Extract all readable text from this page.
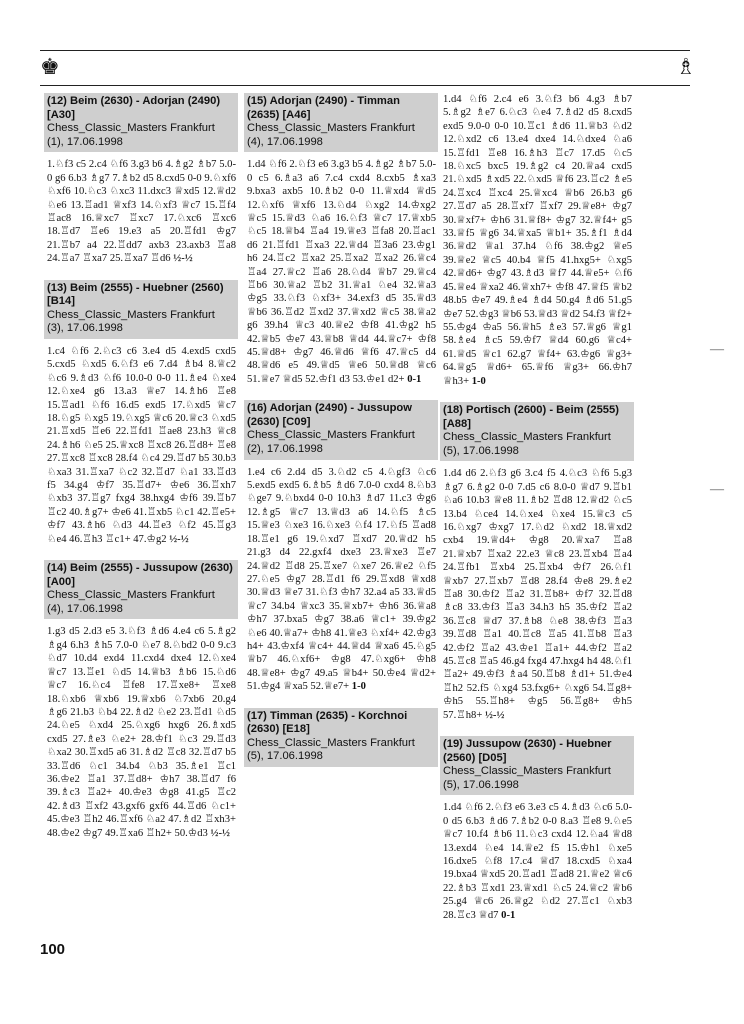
♚	♗
—
—
(12) Beim (2630) - Adorjan (2490)
[A30]
Chess_Classic_Masters Frankfurt
(1), 17.06.1998
1.♘f3 c5 2.c4 ♘f6 3.g3 b6 4.♗g2 ♗b7 5.0-0 g6 6.b3 ♗g7 7.♗b2 d5 8.cxd5 0-0 9.♘xf6 ♘xf6 10.♘c3 ♘xc3 11.dxc3 ♕xd5 12.♕d2 ♘e6 13.♖ad1 ♕xf3 14.♘xf3 ♕c7 15.♖f4 ♖ac8 16.♕xc7 ♖xc7 17.♘xc6 ♖xc6 18.♖d7 ♖e6 19.e3 a5 20.♖fd1 ♔g7 21.♖b7 a4 22.♖dd7 axb3 23.axb3 ♖a8 24.♖a7 ♖xa7 25.♖xa7 ♖d6 ½-½
(13) Beim (2555) - Huebner (2560)
[B14]
Chess_Classic_Masters Frankfurt
(3), 17.06.1998
1.c4 ♘f6 2.♘c3 c6 3.e4 d5 4.exd5 cxd5 5.cxd5 ♘xd5 6.♘f3 e6 7.d4 ♗b4 8.♕c2 ♘c6 9.♗d3 ♘f6 10.0-0 0-0 11.♗e4 ♘xe4 12.♘xe4 g6 13.a3 ♕e7 14.♗h6 ♖e8 15.♖ad1 ♘f6 16.d5 exd5 17.♘xd5 ♕c7 18.♘g5 ♘xg5 19.♘xg5 ♕c6 20.♕c3 ♘xd5 21.♖xd5 ♖e6 22.♖fd1 ♖ae8 23.h3 ♕c8 24.♗h6 ♘e5 25.♕xc8 ♖xc8 26.♖d8+ ♖e8 27.♖xc8 ♖xc8 28.f4 ♘c4 29.♖d7 b5 30.b3 ♘xa3 31.♖xa7 ♘c2 32.♖d7 ♘a1 33.♖d3 f5 34.g4 ♔f7 35.♖d7+ ♔e6 36.♖xh7 ♘xb3 37.♖g7 fxg4 38.hxg4 ♔f6 39.♖b7 ♖c2 40.♗g7+ ♔e6 41.♖xb5 ♘c1 42.♖e5+ ♔f7 43.♗h6 ♘d3 44.♖e3 ♘f2 45.♖g3 ♘e4 46.♖h3 ♖c1+ 47.♔g2 ½-½
(14) Beim (2555) - Jussupow (2630) [A00]
Chess_Classic_Masters Frankfurt
(4), 17.06.1998
1.g3 d5 2.d3 e5 3.♘f3 ♗d6 4.e4 c6 5.♗g2 ♗g4 6.h3 ♗h5 7.0-0 ♘e7 8.♘bd2 0-0 9.c3 ♘d7 10.d4 exd4 11.cxd4 dxe4 12.♘xe4 ♕c7 13.♖e1 ♘d5 14.♕b3 ♗b6 15.♘d6 ♕c7 16.♘c4 ♖fe8 17.♖xe8+ ♖xe8 18.♘xb6 ♕xb6 19.♕xb6 ♘7xb6 20.g4 ♗g6 21.b3 ♘b4 22.♗d2 ♘e2 23.♖d1 ♘d5 24.♘e5 ♘xd4 25.♘xg6 hxg6 26.♗xd5 cxd5 27.♗e3 ♘e2+ 28.♔f1 ♘c3 29.♖d3 ♘xa2 30.♖xd5 a6 31.♗d2 ♖c8 32.♖d7 b5 33.♖d6 ♘c1 34.b4 ♘b3 35.♗e1 ♖c1 36.♔e2 ♖a1 37.♖d8+ ♔h7 38.♖d7 f6 39.♗c3 ♖a2+ 40.♔e3 ♔g8 41.g5 ♖c2 42.♗d3 ♖xf2 43.gxf6 gxf6 44.♖d6 ♘c1+ 45.♔e3 ♖h2 46.♖xf6 ♘a2 47.♗d2 ♖xh3+ 48.♔e2 ♔g7 49.♖xa6 ♖h2+ 50.♔d3 ½-½
(15) Adorjan (2490) - Timman (2635) [A46]
Chess_Classic_Masters Frankfurt
(4), 17.06.1998
1.d4 ♘f6 2.♘f3 e6 3.g3 b5 4.♗g2 ♗b7 5.0-0 c5 6.♗a3 a6 7.c4 cxd4 8.cxb5 ♗xa3 9.bxa3 axb5 10.♗b2 0-0 11.♕xd4 ♕d5 12.♘xf6 ♕xf6 13.♘d4 ♘xg2 14.♔xg2 ♕c5 15.♕d3 ♘a6 16.♘f3 ♕c7 17.♕xb5 ♘c5 18.♕b4 ♖a4 19.♕e3 ♖fa8 20.♖ac1 d6 21.♖fd1 ♖xa3 22.♕d4 ♖3a6 23.♔g1 h6 24.♖c2 ♖xa2 25.♖xa2 ♖xa2 26.♕c4 ♖a4 27.♕c2 ♖a6 28.♘d4 ♕b7 29.♕c4 ♖b6 30.♕a2 ♖b2 31.♕a1 ♘e4 32.♕a3 ♔g5 33.♘f3 ♘xf3+ 34.exf3 d5 35.♕d3 ♕b6 36.♖d2 ♖xd2 37.♕xd2 ♕c5 38.♕a2 g6 39.h4 ♕c3 40.♕e2 ♔f8 41.♔g2 h5 42.♕b5 ♔e7 43.♕b8 ♕d4 44.♕c7+ ♔f8 45.♕d8+ ♔g7 46.♕d6 ♕f6 47.♕c5 d4 48.♕d6 e5 49.♕d5 ♕e6 50.♕d8 ♕c6 51.♕e7 ♕d5 52.♔f1 d3 53.♔e1 d2+ 0-1
(16) Adorjan (2490) - Jussupow (2630) [C09]
Chess_Classic_Masters Frankfurt
(2), 17.06.1998
1.e4 c6 2.d4 d5 3.♘d2 c5 4.♘gf3 ♘c6 5.exd5 exd5 6.♗b5 ♗d6 7.0-0 cxd4 8.♘b3 ♘ge7 9.♘bxd4 0-0 10.h3 ♗d7 11.c3 ♔g6 12.♗g5 ♕c7 13.♕d3 a6 14.♘f5 ♗c5 15.♕e3 ♘xe3 16.♘xe3 ♘f4 17.♘f5 ♖ad8 18.♖e1 g6 19.♘xd7 ♖xd7 20.♕d2 h5 21.g3 d4 22.gxf4 dxe3 23.♕xe3 ♖e7 24.♕d2 ♖d8 25.♖xe7 ♘xe7 26.♕e2 ♘f5 27.♘e5 ♔g7 28.♖d1 f6 29.♖xd8 ♕xd8 30.♕d3 ♕e7 31.♘f3 ♔h7 32.a4 a5 33.♕d5 ♕c7 34.b4 ♕xc3 35.♕xb7+ ♔h6 36.♕a8 ♔h7 37.bxa5 ♔g7 38.a6 ♕c1+ 39.♔g2 ♘e6 40.♕a7+ ♔h8 41.♕e3 ♘xf4+ 42.♔g3 h4+ 43.♔xf4 ♕c4+ 44.♕d4 ♕xa6 45.♘g5 ♕b7 46.♘xf6+ ♔g8 47.♘xg6+ ♔h8 48.♕e8+ ♔g7 49.a5 ♕b4+ 50.♔e4 ♕d2+ 51.♔g4 ♕xa5 52.♕e7+ 1-0
(17) Timman (2635) - Korchnoi (2630) [E18]
Chess_Classic_Masters Frankfurt
(5), 17.06.1998
1.d4 ♘f6 2.c4 e6 3.♘f3 b6 4.g3 ♗b7 5.♗g2 ♗e7 6.♘c3 ♘e4 7.♗d2 d5 8.cxd5 exd5 9.0-0 0-0 10.♖c1 ♗d6 11.♕b3 ♘d2 12.♘xd2 c6 13.e4 dxe4 14.♘dxe4 ♘a6 15.♖fd1 ♖e8 16.♗h3 ♖c7 17.d5 ♘c5 18.♘xc5 bxc5 19.♗g2 c4 20.♕a4 cxd5 21.♘xd5 ♗xd5 22.♘xd5 ♕f6 23.♖c2 ♗e5 24.♖xc4 ♖xc4 25.♕xc4 ♕b6 26.b3 g6 27.♖d7 a5 28.♖xf7 ♖xf7 29.♕e8+ ♔g7 30.♕xf7+ ♔h6 31.♕f8+ ♔g7 32.♕f4+ g5 33.♕f5 ♕g6 34.♕xa5 ♕b1+ 35.♗f1 ♗d4 36.♕d2 ♕a1 37.h4 ♘f6 38.♔g2 ♕e5 39.♕e2 ♕c5 40.b4 ♕f5 41.hxg5+ ♘xg5 42.♕d6+ ♔g7 43.♗d3 ♕f7 44.♕e5+ ♘f6 45.♕e4 ♕xa2 46.♕xh7+ ♔f8 47.♕f5 ♕b2 48.b5 ♔e7 49.♗e4 ♗d4 50.g4 ♗d6 51.g5 ♔e7 52.♔g3 ♕b6 53.♕d3 ♕d2 54.f3 ♕f2+ 55.♔g4 ♔a5 56.♕h5 ♗e3 57.♕g6 ♕g1 58.♗e4 ♗c5 59.♔f7 ♕d4 60.g6 ♕c4+ 61.♕d5 ♕c1 62.g7 ♕f4+ 63.♔g6 ♕g3+ 64.♕g5 ♕d6+ 65.♕f6 ♕g3+ 66.♔h7 ♕h3+ 1-0
(18) Portisch (2600) - Beim (2555) [A88]
Chess_Classic_Masters Frankfurt
(5), 17.06.1998
1.d4 d6 2.♘f3 g6 3.c4 f5 4.♘c3 ♘f6 5.g3 ♗g7 6.♗g2 0-0 7.d5 c6 8.0-0 ♕d7 9.♖b1 ♘a6 10.b3 ♕e8 11.♗b2 ♖d8 12.♕d2 ♘c5 13.b4 ♘ce4 14.♘xe4 ♘xe4 15.♕c3 c5 16.♘xg7 ♔xg7 17.♘d2 ♘xd2 18.♕xd2 cxb4 19.♕d4+ ♔g8 20.♕xa7 ♖a8 21.♕xb7 ♖xa2 22.e3 ♕c8 23.♖xb4 ♖a4 24.♖fb1 ♖xb4 25.♖xb4 ♔f7 26.♘f1 ♕xb7 27.♖xb7 ♖d8 28.f4 ♔e8 29.♗e2 ♖a8 30.♔f2 ♖a2 31.♖b8+ ♔f7 32.♖d8 ♗c8 33.♔f3 ♖a3 34.h3 h5 35.♔f2 ♖a2 36.♖c8 ♕d7 37.♗b8 ♘e8 38.♔f3 ♖a3 39.♖d8 ♖a1 40.♖c8 ♖a5 41.♖b8 ♖a3 42.♔f2 ♖a2 43.♔e1 ♖a1+ 44.♔f2 ♖a2 45.♖c8 ♖a5 46.g4 fxg4 47.hxg4 h4 48.♘f1 ♖a2+ 49.♔f3 ♗a4 50.♖b8 ♗d1+ 51.♔e4 ♖h2 52.f5 ♘xg4 53.fxg6+ ♘xg6 54.♖g8+ ♔h5 55.♖h8+ ♔g5 56.♖g8+ ♔h5 57.♖h8+ ½-½
(19) Jussupow (2630) - Huebner (2560) [D05]
Chess_Classic_Masters Frankfurt
(5), 17.06.1998
1.d4 ♘f6 2.♘f3 e6 3.e3 c5 4.♗d3 ♘c6 5.0-0 d5 6.b3 ♗d6 7.♗b2 0-0 8.a3 ♖e8 9.♘e5 ♕c7 10.f4 ♗b6 11.♘c3 cxd4 12.♘a4 ♕d8 13.exd4 ♘e4 14.♕e2 f5 15.♔h1 ♘xe5 16.dxe5 ♘f8 17.c4 ♕d7 18.cxd5 ♘xa4 19.bxa4 ♕xd5 20.♖ad1 ♖ad8 21.♕e2 ♕c6 22.♗b3 ♖xd1 23.♕xd1 ♘c5 24.♕c2 ♕b6 25.g4 ♕c6 26.♕g2 ♘d2 27.♖c1 ♘xb3 28.♖c3 ♕d7 0-1
100
